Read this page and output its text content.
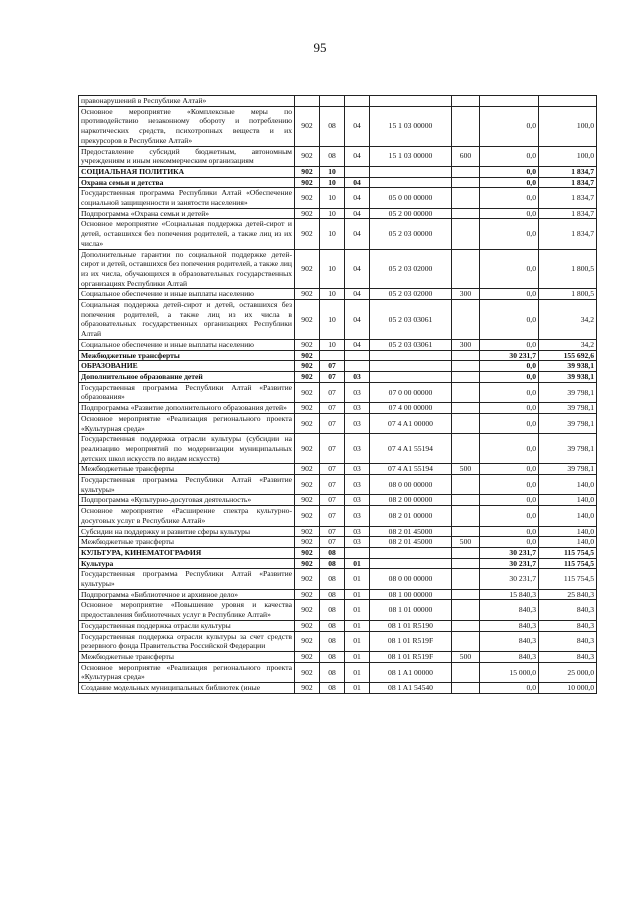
95
правонарушений в Республике Алтай»							
Основное мероприятие «Комплексные меры по противодействию незаконному обороту и потреблению наркотических средств, психотропных веществ и их прекурсоров в Республике Алтай»	902	08	04	15 1 03 00000		0,0	100,0
Предоставление субсидий бюджетным, автономным учреждениям и иным некоммерческим организациям	902	08	04	15 1 03 00000	600	0,0	100,0
СОЦИАЛЬНАЯ ПОЛИТИКА	902	10				0,0	1 834,7
Охрана семьи и детства	902	10	04			0,0	1 834,7
Государственная программа Республики Алтай «Обеспечение социальной защищенности и занятости населения»	902	10	04	05 0 00 00000		0,0	1 834,7
Подпрограмма «Охрана семьи и детей»	902	10	04	05 2 00 00000		0,0	1 834,7
Основное мероприятие «Социальная поддержка детей-сирот и детей, оставшихся без попечения родителей, а также лиц из их числа»	902	10	04	05 2 03 00000		0,0	1 834,7
Дополнительные гарантии по социальной поддержке детей-сирот и детей, оставшихся без попечения родителей, а также лиц из их числа, обучающихся в образовательных государственных организациях Республики Алтай	902	10	04	05 2 03 02000		0,0	1 800,5
Социальное обеспечение и иные выплаты населению	902	10	04	05 2 03 02000	300	0,0	1 800,5
Социальная поддержка детей-сирот и детей, оставшихся без попечения родителей, а также лиц из их числа в образовательных государственных организациях Республики Алтай	902	10	04	05 2 03 03061		0,0	34,2
Социальное обеспечение и иные выплаты населению	902	10	04	05 2 03 03061	300	0,0	34,2
Межбюджетные трансферты	902					30 231,7	155 692,6
ОБРАЗОВАНИЕ	902	07				0,0	39 938,1
Дополнительное образование детей	902	07	03			0,0	39 938,1
Государственная программа Республики Алтай «Развитие образования»	902	07	03	07 0 00 00000		0,0	39 798,1
Подпрограмма «Развитие дополнительного образования детей»	902	07	03	07 4 00 00000		0,0	39 798,1
Основное мероприятие «Реализация регионального проекта «Культурная среда»	902	07	03	07 4 A1 00000		0,0	39 798,1
Государственная поддержка отрасли культуры (субсидии на реализацию мероприятий по модернизации муниципальных детских школ искусств по видам искусств)	902	07	03	07 4 A1 55194		0,0	39 798,1
Межбюджетные трансферты	902	07	03	07 4 A1 55194	500	0,0	39 798,1
Государственная программа Республики Алтай «Развитие культуры»	902	07	03	08 0 00 00000		0,0	140,0
Подпрограмма «Культурно-досуговая деятельность»	902	07	03	08 2 00 00000		0,0	140,0
Основное мероприятие «Расширение спектра культурно-досуговых услуг в Республике Алтай»	902	07	03	08 2 01 00000		0,0	140,0
Субсидии на поддержку и развитие сферы культуры	902	07	03	08 2 01 45000		0,0	140,0
Межбюджетные трансферты	902	07	03	08 2 01 45000	500	0,0	140,0
КУЛЬТУРА, КИНЕМАТОГРАФИЯ	902	08				30 231,7	115 754,5
Культура	902	08	01			30 231,7	115 754,5
Государственная программа Республики Алтай «Развитие культуры»	902	08	01	08 0 00 00000		30 231,7	115 754,5
Подпрограмма «Библиотечное и архивное дело»	902	08	01	08 1 00 00000		15 840,3	25 840,3
Основное мероприятие «Повышение уровня и качества предоставления библиотечных услуг в Республике Алтай»	902	08	01	08 1 01 00000		840,3	840,3
Государственная поддержка отрасли культуры	902	08	01	08 1 01 R5190		840,3	840,3
Государственная поддержка отрасли культуры за счет средств резервного фонда Правительства Российской Федерации	902	08	01	08 1 01 R519F		840,3	840,3
Межбюджетные трансферты	902	08	01	08 1 01 R519F	500	840,3	840,3
Основное мероприятие «Реализация регионального проекта «Культурная среда»	902	08	01	08 1 A1 00000		15 000,0	25 000,0
Создание модельных муниципальных библиотек (иные	902	08	01	08 1 A1 54540		0,0	10 000,0
